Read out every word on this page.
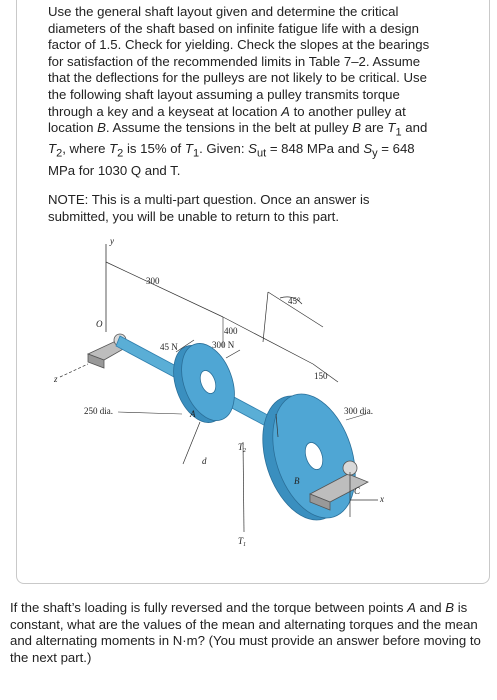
Use the general shaft layout given and determine the critical diameters of the shaft based on infinite fatigue life with a design factor of 1.5. Check for yielding. Check the slopes at the bearings for satisfaction of the recommended limits in Table 7–2. Assume that the deflections for the pulleys are not likely to be critical. Use the following shaft layout assuming a pulley transmits torque through a key and a keyseat at location A to another pulley at location B. Assume the tensions in the belt at pulley B are $T_1$ and $T_2$, where $T_2$ is 15% of $T_1$. Given: $S_{ut} = 848$ MPa and $S_y = 648$ MPa for 1030 Q and T.

NOTE: This is a multi-part question. Once an answer is submitted, you will be unable to return to this part.

y
300
400
150
45°
O
z
A
45 N	300 N
d
250 dia.
B
$T_2$
$T_1$
300 dia.
C
x

If the shaft’s loading is fully reversed and the torque between points A and B is constant, what are the values of the mean and alternating torques and the mean and alternating moments in N·m? (You must provide an answer before moving to the next part.)
